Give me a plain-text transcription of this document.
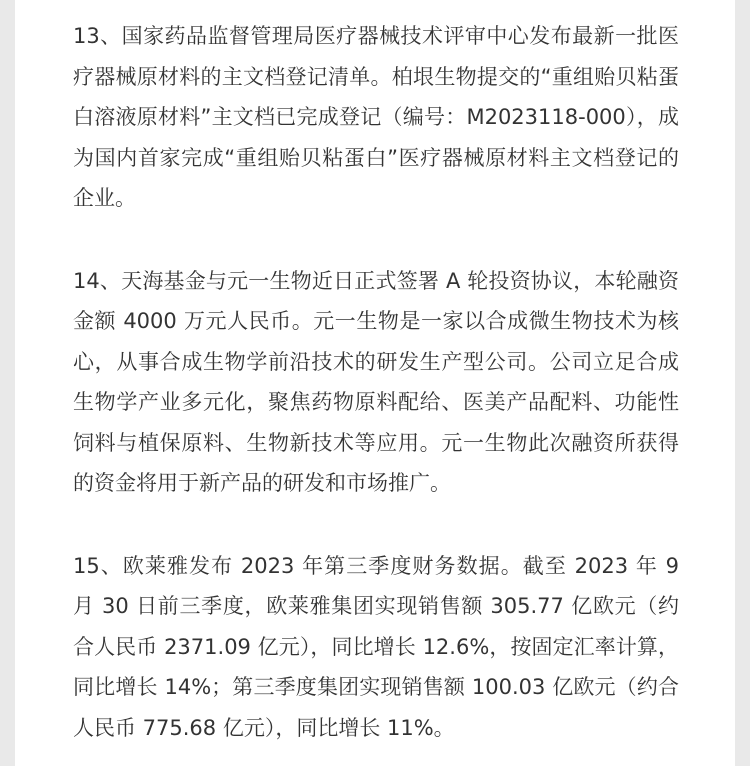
13、国家药品监督管理局医疗器械技术评审中心发布最新一批医疗器械原材料的主文档登记清单。柏垠生物提交的“重组贻贝粘蛋白溶液原材料”主文档已完成登记（编号：M2023118-000），成为国内首家完成“重组贻贝粘蛋白”医疗器械原材料主文档登记的企业。

14、天海基金与元一生物近日正式签署 A 轮投资协议，本轮融资金额 4000 万元人民币。元一生物是一家以合成微生物技术为核心，从事合成生物学前沿技术的研发生产型公司。公司立足合成生物学产业多元化，聚焦药物原料配给、医美产品配料、功能性饲料与植保原料、生物新技术等应用。元一生物此次融资所获得的资金将用于新产品的研发和市场推广。

15、欧莱雅发布 2023 年第三季度财务数据。截至 2023 年 9 月 30 日前三季度，欧莱雅集团实现销售额 305.77 亿欧元（约合人民币 2371.09 亿元），同比增长 12.6%，按固定汇率计算，同比增长 14%；第三季度集团实现销售额 100.03 亿欧元（约合人民币 775.68 亿元），同比增长 11%。
